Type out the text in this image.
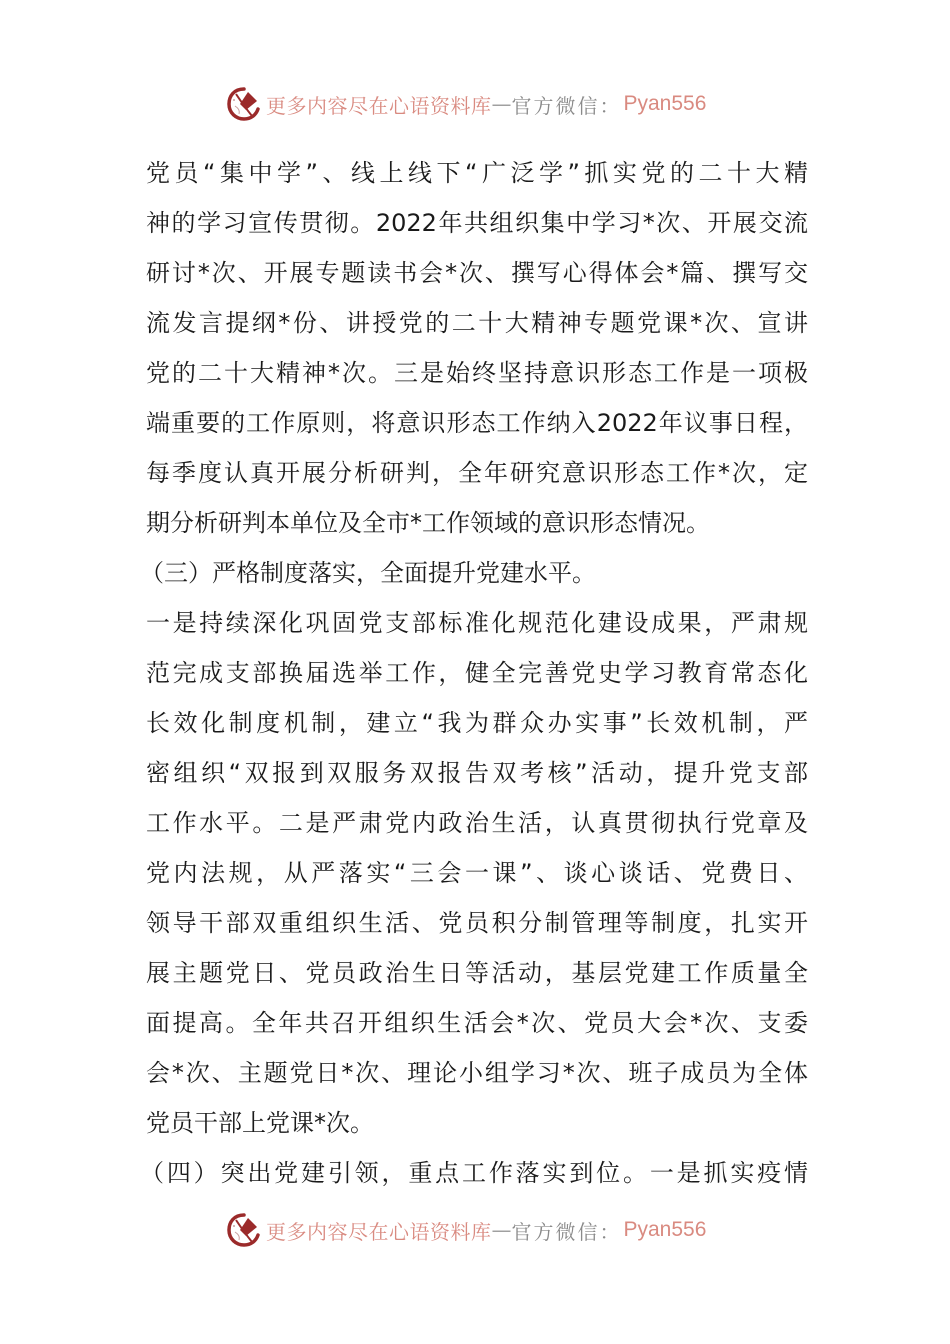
更多内容尽在心语资料库 — 官方微信： Pyan556
党员“集中学”、线上线下“广泛学”抓实党的二十大精
神的学习宣传贯彻。2022年共组织集中学习*次、开展交流
研讨*次、开展专题读书会*次、撰写心得体会*篇、撰写交
流发言提纲*份、讲授党的二十大精神专题党课*次、宣讲
党的二十大精神*次。三是始终坚持意识形态工作是一项极
端重要的工作原则，将意识形态工作纳入2022年议事日程，
每季度认真开展分析研判，全年研究意识形态工作*次，定
期分析研判本单位及全市*工作领域的意识形态情况。
（三）严格制度落实，全面提升党建水平。
一是持续深化巩固党支部标准化规范化建设成果，严肃规
范完成支部换届选举工作，健全完善党史学习教育常态化
长效化制度机制，建立“我为群众办实事”长效机制，严
密组织“双报到双服务双报告双考核”活动，提升党支部
工作水平。二是严肃党内政治生活，认真贯彻执行党章及
党内法规，从严落实“三会一课”、谈心谈话、党费日、
领导干部双重组织生活、党员积分制管理等制度，扎实开
展主题党日、党员政治生日等活动，基层党建工作质量全
面提高。全年共召开组织生活会*次、党员大会*次、支委
会*次、主题党日*次、理论小组学习*次、班子成员为全体
党员干部上党课*次。
（四）突出党建引领，重点工作落实到位。一是抓实疫情
更多内容尽在心语资料库 — 官方微信： Pyan556
